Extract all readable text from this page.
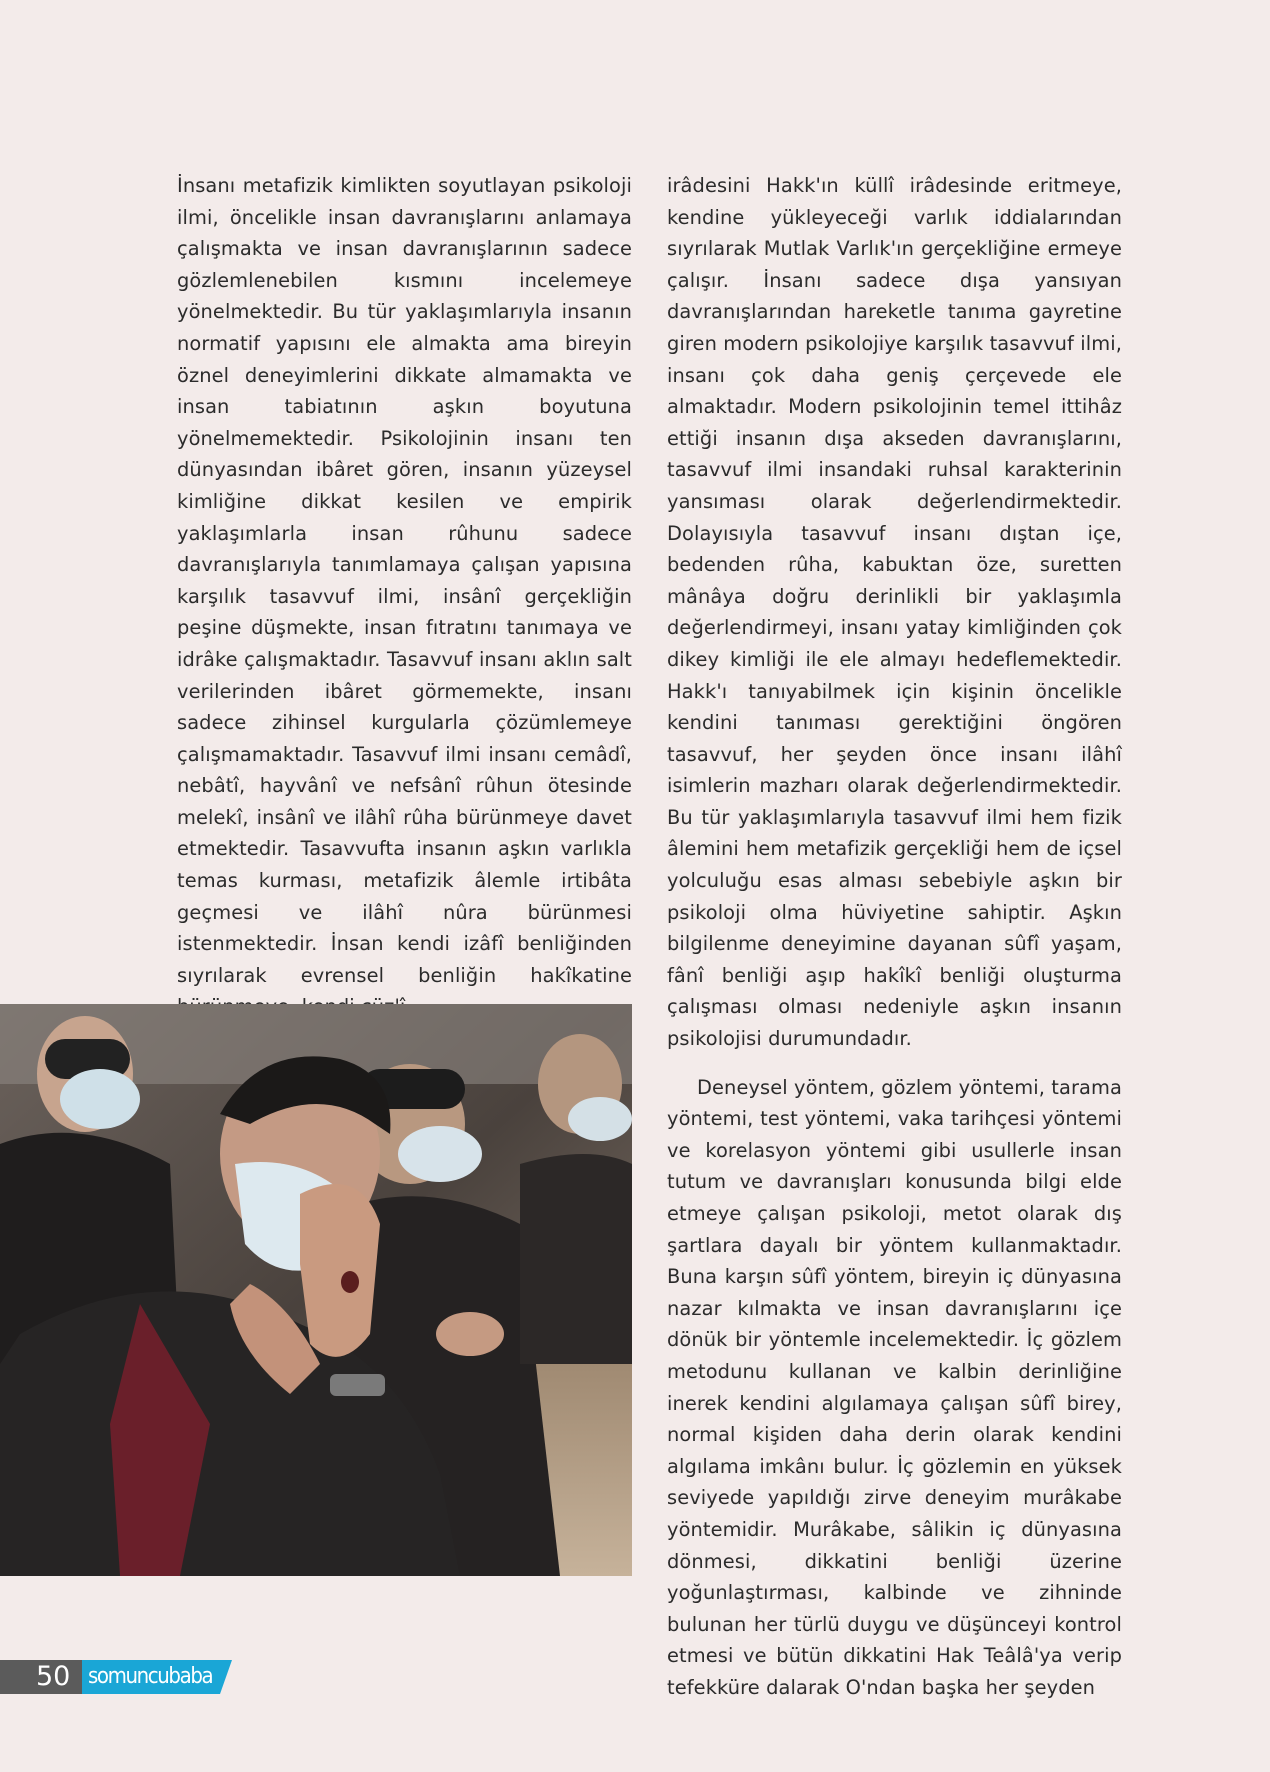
İnsanı metafizik kimlikten soyutlayan psikoloji ilmi, öncelikle insan davranışlarını anlamaya çalışmakta ve insan davranışlarının sadece gözlemlenebilen kısmını incelemeye yönelmektedir. Bu tür yaklaşımlarıyla insanın normatif yapısını ele almakta ama bireyin öznel deneyimlerini dikkate almamakta ve insan tabiatının aşkın boyutuna yönelmemektedir. Psikolojinin insanı ten dünyasından ibâret gören, insanın yüzeysel kimliğine dikkat kesilen ve empirik yaklaşımlarla insan rûhunu sadece davranışlarıyla tanımlamaya çalışan yapısına karşılık tasavvuf ilmi, insânî gerçekliğin peşine düşmekte, insan fıtratını tanımaya ve idrâke çalışmaktadır. Tasavvuf insanı aklın salt verilerinden ibâret görmemekte, insanı sadece zihinsel kurgularla çözümlemeye çalışmamaktadır. Tasavvuf ilmi insanı cemâdî, nebâtî, hayvânî ve nefsânî rûhun ötesinde melekî, insânî ve ilâhî rûha bürünmeye davet etmektedir. Tasavvufta insanın aşkın varlıkla temas kurması, metafizik âlemle irtibâta geçmesi ve ilâhî nûra bürünmesi istenmektedir. İnsan kendi izâfî benliğinden sıyrılarak evrensel benliğin hakîkatine

irâdesini Hakk'ın küllî irâdesinde eritmeye, kendine yükleyeceği varlık iddialarından sıyrılarak Mutlak Varlık'ın gerçekliğine ermeye çalışır. İnsanı sadece dışa yansıyan davranışlarından hareketle tanıma gayretine giren modern psikolojiye karşılık tasavvuf ilmi, insanı çok daha geniş çerçevede ele almaktadır. Modern psikolojinin temel ittihâz ettiği insanın dışa akseden davranışlarını, tasavvuf ilmi insandaki ruhsal karakterinin yansıması olarak değerlendirmektedir. Dolayısıyla tasavvuf insanı dıştan içe, bedenden rûha, kabuktan öze, suretten mânâya doğru derinlikli bir yaklaşımla değerlendirmeyi, insanı yatay kimliğinden çok dikey kimliği ile ele almayı hedeflemektedir. Hakk'ı tanıyabilmek için kişinin öncelikle kendini tanıması gerektiğini öngören tasavvuf, her şeyden önce insanı ilâhî isimlerin mazharı olarak değerlendirmektedir. Bu tür yaklaşımlarıyla tasavvuf ilmi hem fizik âlemini hem metafizik gerçekliği hem de içsel yolculuğu esas alması sebebiyle aşkın bir psikoloji olma hüviyetine sahiptir. Aşkın bilgilenme deneyimine dayanan sûfî yaşam, fânî benliği aşıp hakîkî benliği oluşturma çalışması olması nedeniyle aşkın insanın psikolojisi durumundadır.

Deneysel yöntem, gözlem yöntemi, tarama yöntemi, test yöntemi, vaka tarihçesi yöntemi ve korelasyon yöntemi gibi usullerle insan tutum ve davranışları konusunda bilgi elde etmeye çalışan psikoloji, metot olarak dış şartlara dayalı bir yöntem kullanmaktadır. Buna karşın sûfî yöntem, bireyin iç dünyasına nazar kılmakta ve insan davranışlarını içe dönük bir yöntemle incelemektedir. İç gözlem metodunu kullanan ve kalbin derinliğine inerek kendini algılamaya çalışan sûfî birey, normal kişiden daha derin olarak kendini algılama imkânı bulur. İç gözlemin en yüksek seviyede yapıldığı zirve deneyim murâkabe yöntemidir. Murâkabe, sâlikin iç dünyasına dönmesi, dikkatini benliği üzerine yoğunlaştırması, kalbinde ve zihninde bulunan her türlü duygu ve düşünceyi kontrol etmesi ve bütün dikkatini Hak Teâlâ'ya verip tefekküre dalarak O'ndan başka her şeyden

50 somuncubaba
